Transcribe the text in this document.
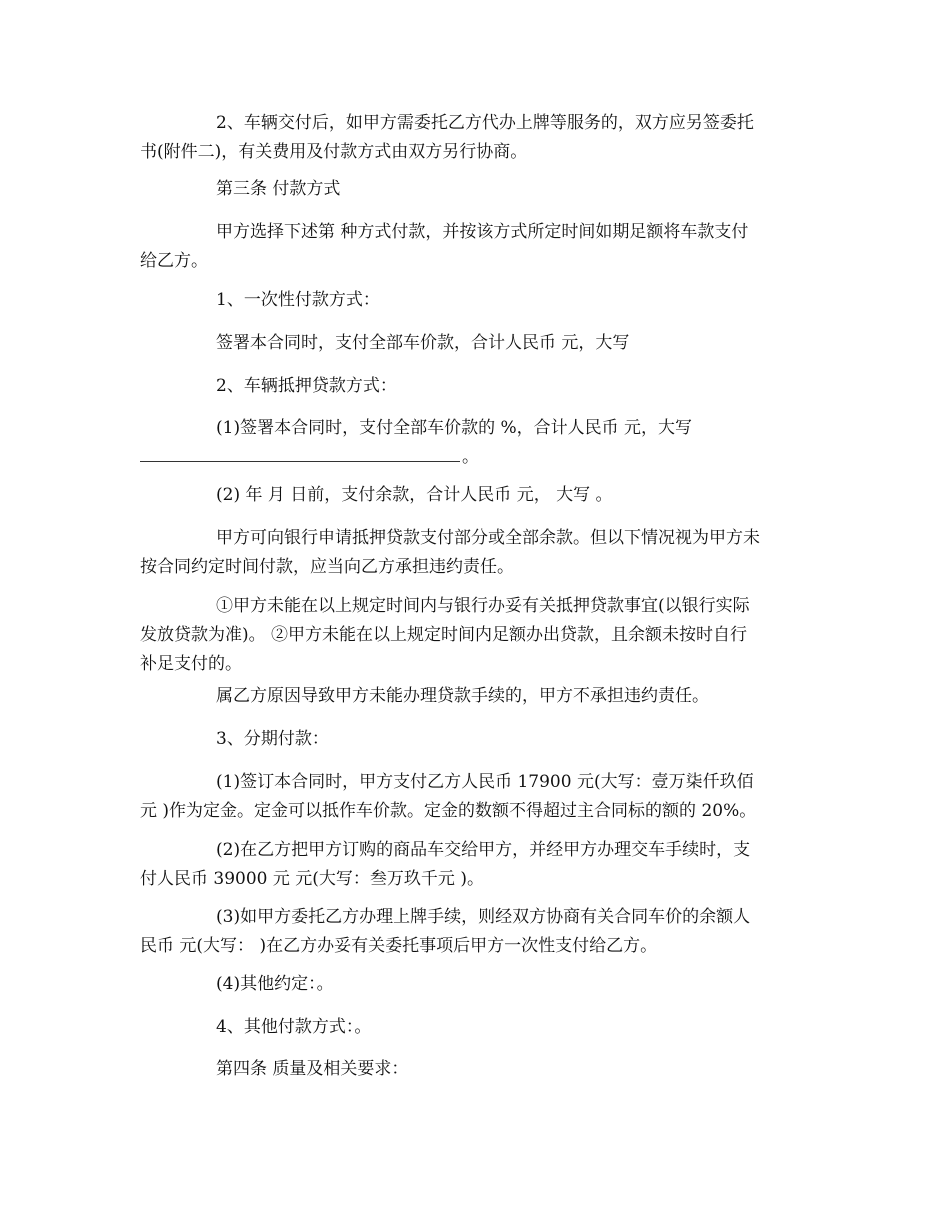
2、车辆交付后，如甲方需委托乙方代办上牌等服务的，双方应另签委托
书(附件二)，有关费用及付款方式由双方另行协商。
第三条 付款方式
甲方选择下述第 种方式付款，并按该方式所定时间如期足额将车款支付
给乙方。
1、一次性付款方式：
签署本合同时，支付全部车价款，合计人民币 元，大写
2、车辆抵押贷款方式：
(1)签署本合同时，支付全部车价款的 %，合计人民币 元，大写
。
(2) 年 月 日前，支付余款，合计人民币 元， 大写 。
甲方可向银行申请抵押贷款支付部分或全部余款。但以下情况视为甲方未
按合同约定时间付款，应当向乙方承担违约责任。
①甲方未能在以上规定时间内与银行办妥有关抵押贷款事宜(以银行实际
发放贷款为准)。 ②甲方未能在以上规定时间内足额办出贷款，且余额未按时自行
补足支付的。
属乙方原因导致甲方未能办理贷款手续的，甲方不承担违约责任。
3、分期付款：
(1)签订本合同时，甲方支付乙方人民币 17900 元(大写：壹万柒仟玖佰
元 )作为定金。定金可以抵作车价款。定金的数额不得超过主合同标的额的 20%。
(2)在乙方把甲方订购的商品车交给甲方，并经甲方办理交车手续时，支
付人民币 39000 元 元(大写：叁万玖千元 )。
(3)如甲方委托乙方办理上牌手续，则经双方协商有关合同车价的余额人
民币 元(大写： )在乙方办妥有关委托事项后甲方一次性支付给乙方。
(4)其他约定：。
4、其他付款方式：。
第四条 质量及相关要求：
